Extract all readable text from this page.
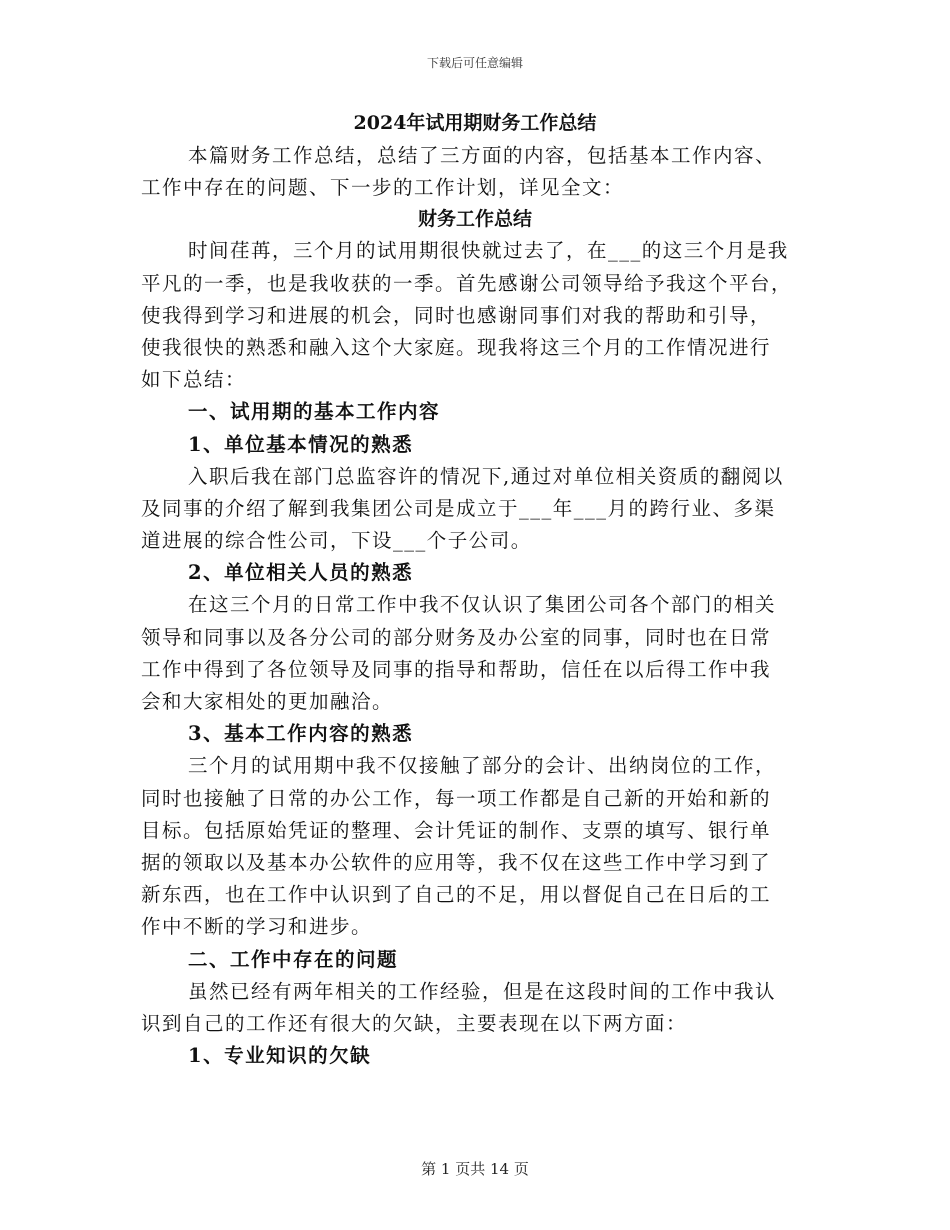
下载后可任意编辑
2024年试用期财务工作总结
本篇财务工作总结，总结了三方面的内容，包括基本工作内容、
工作中存在的问题、下一步的工作计划，详见全文：
财务工作总结
时间荏苒，三个月的试用期很快就过去了，在___的这三个月是我
平凡的一季，也是我收获的一季。首先感谢公司领导给予我这个平台，
使我得到学习和进展的机会，同时也感谢同事们对我的帮助和引导，
使我很快的熟悉和融入这个大家庭。现我将这三个月的工作情况进行
如下总结：
一、试用期的基本工作内容
1、单位基本情况的熟悉
入职后我在部门总监容许的情况下,通过对单位相关资质的翻阅以
及同事的介绍了解到我集团公司是成立于___年___月的跨行业、多渠
道进展的综合性公司，下设___个子公司。
2、单位相关人员的熟悉
在这三个月的日常工作中我不仅认识了集团公司各个部门的相关
领导和同事以及各分公司的部分财务及办公室的同事，同时也在日常
工作中得到了各位领导及同事的指导和帮助，信任在以后得工作中我
会和大家相处的更加融洽。
3、基本工作内容的熟悉
三个月的试用期中我不仅接触了部分的会计、出纳岗位的工作，
同时也接触了日常的办公工作，每一项工作都是自己新的开始和新的
目标。包括原始凭证的整理、会计凭证的制作、支票的填写、银行单
据的领取以及基本办公软件的应用等，我不仅在这些工作中学习到了
新东西，也在工作中认识到了自己的不足，用以督促自己在日后的工
作中不断的学习和进步。
二、工作中存在的问题
虽然已经有两年相关的工作经验，但是在这段时间的工作中我认
识到自己的工作还有很大的欠缺，主要表现在以下两方面：
1、专业知识的欠缺
第 1 页共 14 页
